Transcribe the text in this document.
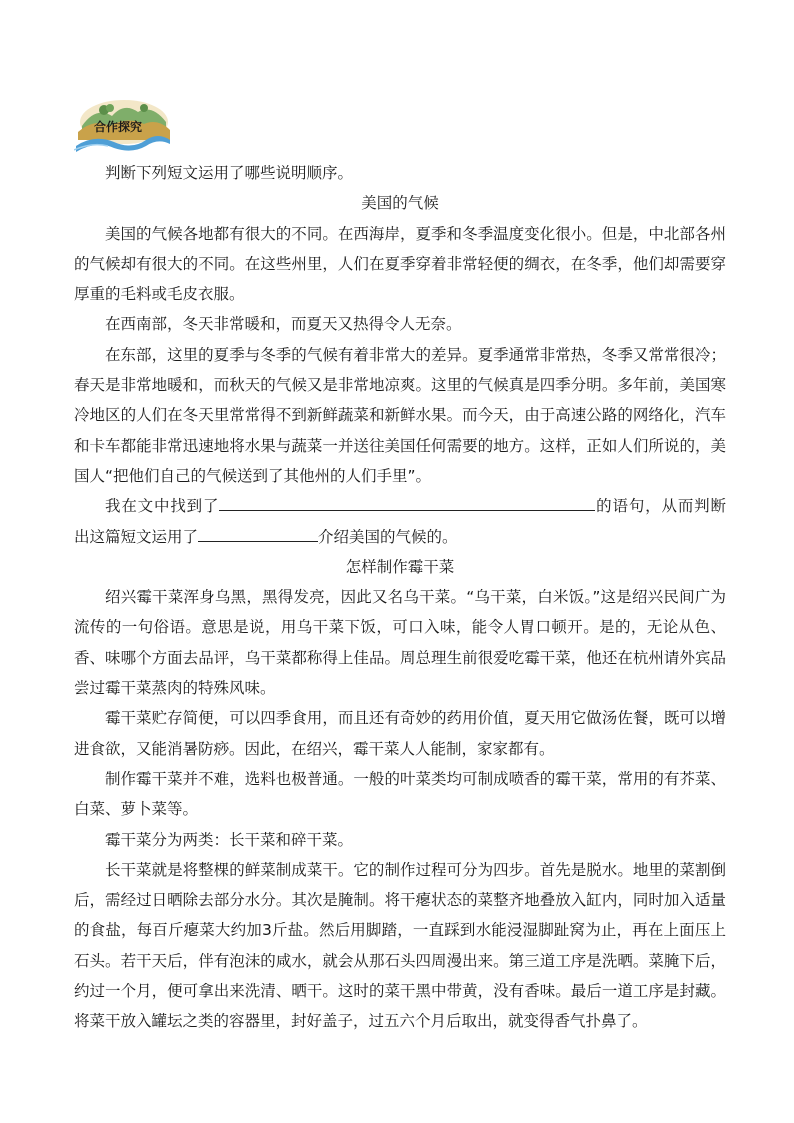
合作探究

判断下列短文运用了哪些说明顺序。

美国的气候

美国的气候各地都有很大的不同。在西海岸，夏季和冬季温度变化很小。但是，中北部各州的气候却有很大的不同。在这些州里，人们在夏季穿着非常轻便的绸衣，在冬季，他们却需要穿厚重的毛料或毛皮衣服。

在西南部，冬天非常暖和，而夏天又热得令人无奈。

在东部，这里的夏季与冬季的气候有着非常大的差异。夏季通常非常热，冬季又常常很冷；春天是非常地暖和，而秋天的气候又是非常地凉爽。这里的气候真是四季分明。多年前，美国寒冷地区的人们在冬天里常常得不到新鲜蔬菜和新鲜水果。而今天，由于高速公路的网络化，汽车和卡车都能非常迅速地将水果与蔬菜一并送往美国任何需要的地方。这样，正如人们所说的，美国人“把他们自己的气候送到了其他州的人们手里”。

我在文中找到了	的语句，从而判断出这篇短文运用了	介绍美国的气候的。

怎样制作霉干菜

绍兴霉干菜浑身乌黑，黑得发亮，因此又名乌干菜。“乌干菜，白米饭。”这是绍兴民间广为流传的一句俗语。意思是说，用乌干菜下饭，可口入味，能令人胃口顿开。是的，无论从色、香、味哪个方面去品评，乌干菜都称得上佳品。周总理生前很爱吃霉干菜，他还在杭州请外宾品尝过霉干菜蒸肉的特殊风味。

霉干菜贮存简便，可以四季食用，而且还有奇妙的药用价值，夏天用它做汤佐餐，既可以增进食欲，又能消暑防痧。因此，在绍兴，霉干菜人人能制，家家都有。

制作霉干菜并不难，选料也极普通。一般的叶菜类均可制成喷香的霉干菜，常用的有芥菜、白菜、萝卜菜等。

霉干菜分为两类：长干菜和碎干菜。

长干菜就是将整棵的鲜菜制成菜干。它的制作过程可分为四步。首先是脱水。地里的菜割倒后，需经过日晒除去部分水分。其次是腌制。将干瘪状态的菜整齐地叠放入缸内，同时加入适量的食盐，每百斤瘪菜大约加3斤盐。然后用脚踏，一直踩到水能浸湿脚趾窝为止，再在上面压上石头。若干天后，伴有泡沫的咸水，就会从那石头四周漫出来。第三道工序是洗晒。菜腌下后，约过一个月，便可拿出来洗清、晒干。这时的菜干黑中带黄，没有香味。最后一道工序是封藏。将菜干放入罐坛之类的容器里，封好盖子，过五六个月后取出，就变得香气扑鼻了。
